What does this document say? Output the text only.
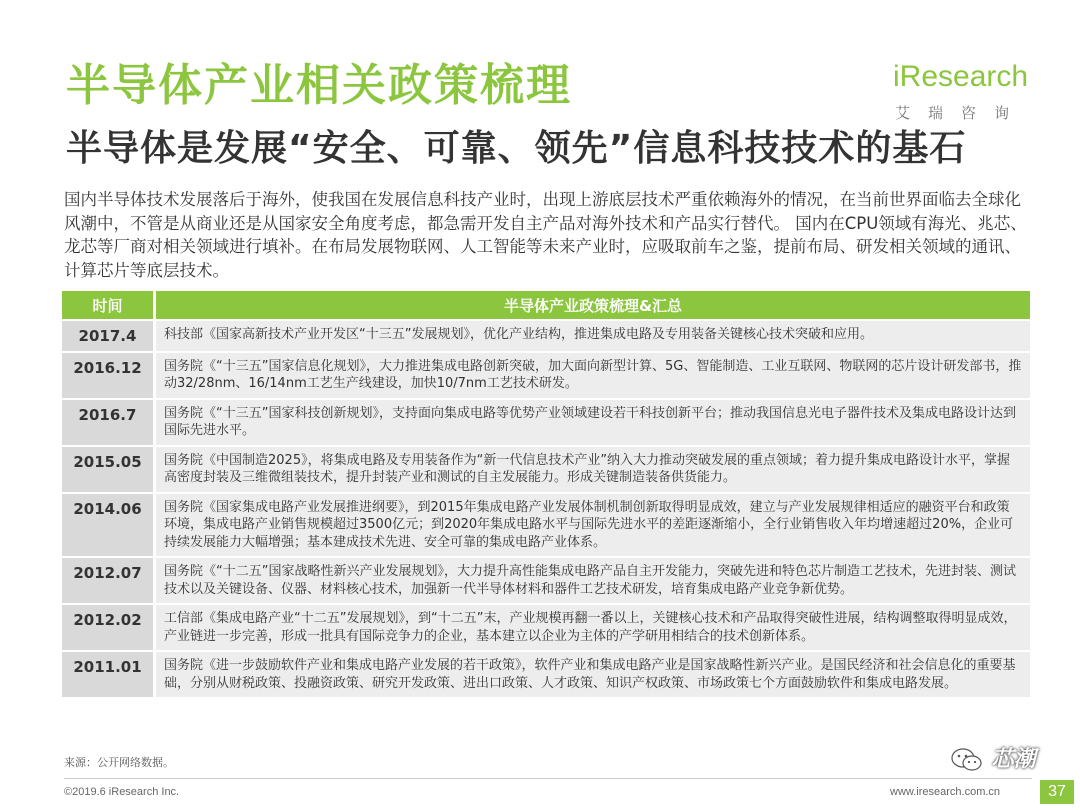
半导体产业相关政策梳理
半导体是发展“安全、可靠、领先”信息科技技术的基石
iResearch
艾瑞咨询
国内半导体技术发展落后于海外，使我国在发展信息科技产业时，出现上游底层技术严重依赖海外的情况，在当前世界面临去全球化风潮中，不管是从商业还是从国家安全角度考虑，都急需开发自主产品对海外技术和产品实行替代。 国内在CPU领域有海光、兆芯、龙芯等厂商对相关领域进行填补。在布局发展物联网、人工智能等未来产业时，应吸取前车之鉴，提前布局、研发相关领域的通讯、计算芯片等底层技术。
时间	半导体产业政策梳理&汇总
2017.4	科技部《国家高新技术产业开发区“十三五”发展规划》，优化产业结构，推进集成电路及专用装备关键核心技术突破和应用。
2016.12	国务院《“十三五”国家信息化规划》，大力推进集成电路创新突破，加大面向新型计算、5G、智能制造、工业互联网、物联网的芯片设计研发部书，推动32/28nm、16/14nm工艺生产线建设，加快10/7nm工艺技术研发。
2016.7	国务院《“十三五”国家科技创新规划》，支持面向集成电路等优势产业领域建设若干科技创新平台；推动我国信息光电子器件技术及集成电路设计达到国际先进水平。
2015.05	国务院《中国制造2025》，将集成电路及专用装备作为“新一代信息技术产业”纳入大力推动突破发展的重点领域；着力提升集成电路设计水平，掌握高密度封装及三维微组装技术，提升封装产业和测试的自主发展能力。形成关键制造装备供货能力。
2014.06	国务院《国家集成电路产业发展推进纲要》，到2015年集成电路产业发展体制机制创新取得明显成效，建立与产业发展规律相适应的融资平台和政策环境，集成电路产业销售规模超过3500亿元；到2020年集成电路水平与国际先进水平的差距逐渐缩小，全行业销售收入年均增速超过20%，企业可持续发展能力大幅增强；基本建成技术先进、安全可靠的集成电路产业体系。
2012.07	国务院《“十二五”国家战略性新兴产业发展规划》，大力提升高性能集成电路产品自主开发能力，突破先进和特色芯片制造工艺技术，先进封装、测试技术以及关键设备、仪器、材料核心技术，加强新一代半导体材料和器件工艺技术研发，培育集成电路产业竞争新优势。
2012.02	工信部《集成电路产业“十二五”发展规划》，到“十二五”末，产业规模再翻一番以上，关键核心技术和产品取得突破性进展，结构调整取得明显成效，产业链进一步完善，形成一批具有国际竞争力的企业，基本建立以企业为主体的产学研用相结合的技术创新体系。
2011.01	国务院《进一步鼓励软件产业和集成电路产业发展的若干政策》，软件产业和集成电路产业是国家战略性新兴产业。是国民经济和社会信息化的重要基础，分别从财税政策、投融资政策、研究开发政策、进出口政策、人才政策、知识产权政策、市场政策七个方面鼓励软件和集成电路发展。
来源：公开网络数据。
©2019.6 iResearch Inc.	www.iresearch.com.cn	37
芯潮
